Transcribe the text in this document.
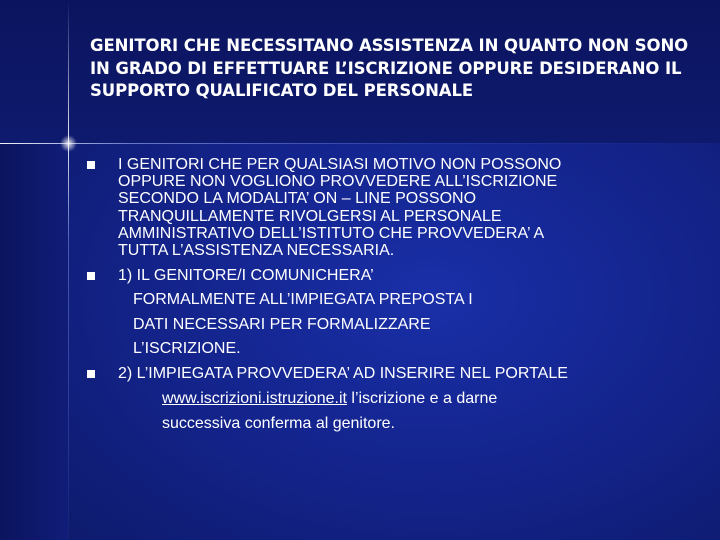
GENITORI CHE NECESSITANO ASSISTENZA IN QUANTO NON SONO IN GRADO DI EFFETTUARE L’ISCRIZIONE OPPURE DESIDERANO IL SUPPORTO QUALIFICATO DEL PERSONALE
I GENITORI CHE PER QUALSIASI MOTIVO NON POSSONO
OPPURE NON VOGLIONO PROVVEDERE ALL’ISCRIZIONE
SECONDO LA MODALITA’ ON – LINE POSSONO
TRANQUILLAMENTE RIVOLGERSI AL PERSONALE
AMMINISTRATIVO DELL’ISTITUTO CHE PROVVEDERA’ A
TUTTA L’ASSISTENZA NECESSARIA.
1) IL GENITORE/I COMUNICHERA’
FORMALMENTE ALL’IMPIEGATA PREPOSTA I
DATI NECESSARI PER FORMALIZZARE
L’ISCRIZIONE.
2) L’IMPIEGATA PROVVEDERA’ AD INSERIRE NEL PORTALE
www.iscrizioni.istruzione.it l’iscrizione e a darne
successiva conferma al genitore.
